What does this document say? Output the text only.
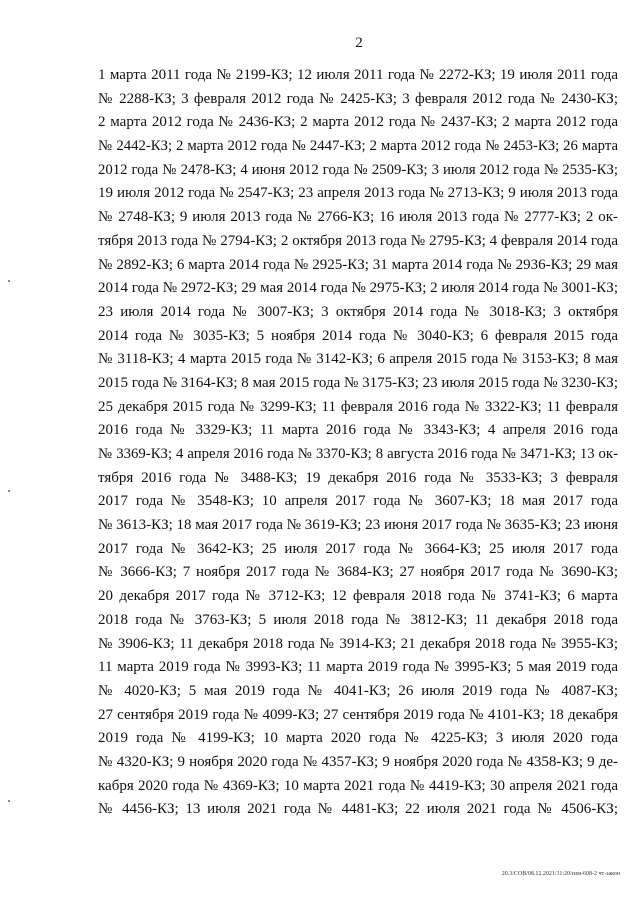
2
1 марта 2011 года № 2199-КЗ; 12 июля 2011 года № 2272-КЗ; 19 июля 2011 года
№ 2288-КЗ; 3 февраля 2012 года № 2425-КЗ; 3 февраля 2012 года № 2430-КЗ;
2 марта 2012 года № 2436-КЗ; 2 марта 2012 года № 2437-КЗ; 2 марта 2012 года
№ 2442-КЗ; 2 марта 2012 года № 2447-КЗ; 2 марта 2012 года № 2453-КЗ; 26 марта
2012 года № 2478-КЗ; 4 июня 2012 года № 2509-КЗ; 3 июля 2012 года № 2535-КЗ;
19 июля 2012 года № 2547-КЗ; 23 апреля 2013 года № 2713-КЗ; 9 июля 2013 года
№ 2748-КЗ; 9 июля 2013 года № 2766-КЗ; 16 июля 2013 года № 2777-КЗ; 2 ок-
тября 2013 года № 2794-КЗ; 2 октября 2013 года № 2795-КЗ; 4 февраля 2014 года
№ 2892-КЗ; 6 марта 2014 года № 2925-КЗ; 31 марта 2014 года № 2936-КЗ; 29 мая
2014 года № 2972-КЗ; 29 мая 2014 года № 2975-КЗ; 2 июля 2014 года № 3001-КЗ;
23 июля 2014 года № 3007-КЗ; 3 октября 2014 года № 3018-КЗ; 3 октября
2014 года № 3035-КЗ; 5 ноября 2014 года № 3040-КЗ; 6 февраля 2015 года
№ 3118-КЗ; 4 марта 2015 года № 3142-КЗ; 6 апреля 2015 года № 3153-КЗ; 8 мая
2015 года № 3164-КЗ; 8 мая 2015 года № 3175-КЗ; 23 июля 2015 года № 3230-КЗ;
25 декабря 2015 года № 3299-КЗ; 11 февраля 2016 года № 3322-КЗ; 11 февраля
2016 года № 3329-КЗ; 11 марта 2016 года № 3343-КЗ; 4 апреля 2016 года
№ 3369-КЗ; 4 апреля 2016 года № 3370-КЗ; 8 августа 2016 года № 3471-КЗ; 13 ок-
тября 2016 года № 3488-КЗ; 19 декабря 2016 года № 3533-КЗ; 3 февраля
2017 года № 3548-КЗ; 10 апреля 2017 года № 3607-КЗ; 18 мая 2017 года
№ 3613-КЗ; 18 мая 2017 года № 3619-КЗ; 23 июня 2017 года № 3635-КЗ; 23 июня
2017 года № 3642-КЗ; 25 июля 2017 года № 3664-КЗ; 25 июля 2017 года
№ 3666-КЗ; 7 ноября 2017 года № 3684-КЗ; 27 ноября 2017 года № 3690-КЗ;
20 декабря 2017 года № 3712-КЗ; 12 февраля 2018 года № 3741-КЗ; 6 марта
2018 года № 3763-КЗ; 5 июля 2018 года № 3812-КЗ; 11 декабря 2018 года
№ 3906-КЗ; 11 декабря 2018 года № 3914-КЗ; 21 декабря 2018 года № 3955-КЗ;
11 марта 2019 года № 3993-КЗ; 11 марта 2019 года № 3995-КЗ; 5 мая 2019 года
№ 4020-КЗ; 5 мая 2019 года № 4041-КЗ; 26 июля 2019 года № 4087-КЗ;
27 сентября 2019 года № 4099-КЗ; 27 сентября 2019 года № 4101-КЗ; 18 декабря
2019 года № 4199-КЗ; 10 марта 2020 года № 4225-КЗ; 3 июля 2020 года
№ 4320-КЗ; 9 ноября 2020 года № 4357-КЗ; 9 ноября 2020 года № 4358-КЗ; 9 де-
кабря 2020 года № 4369-КЗ; 10 марта 2021 года № 4419-КЗ; 30 апреля 2021 года
№ 4456-КЗ; 13 июля 2021 года № 4481-КЗ; 22 июля 2021 года № 4506-КЗ;
20.3/СОВ/08.12.2021/11:20/изм-608-2 чт-закон
